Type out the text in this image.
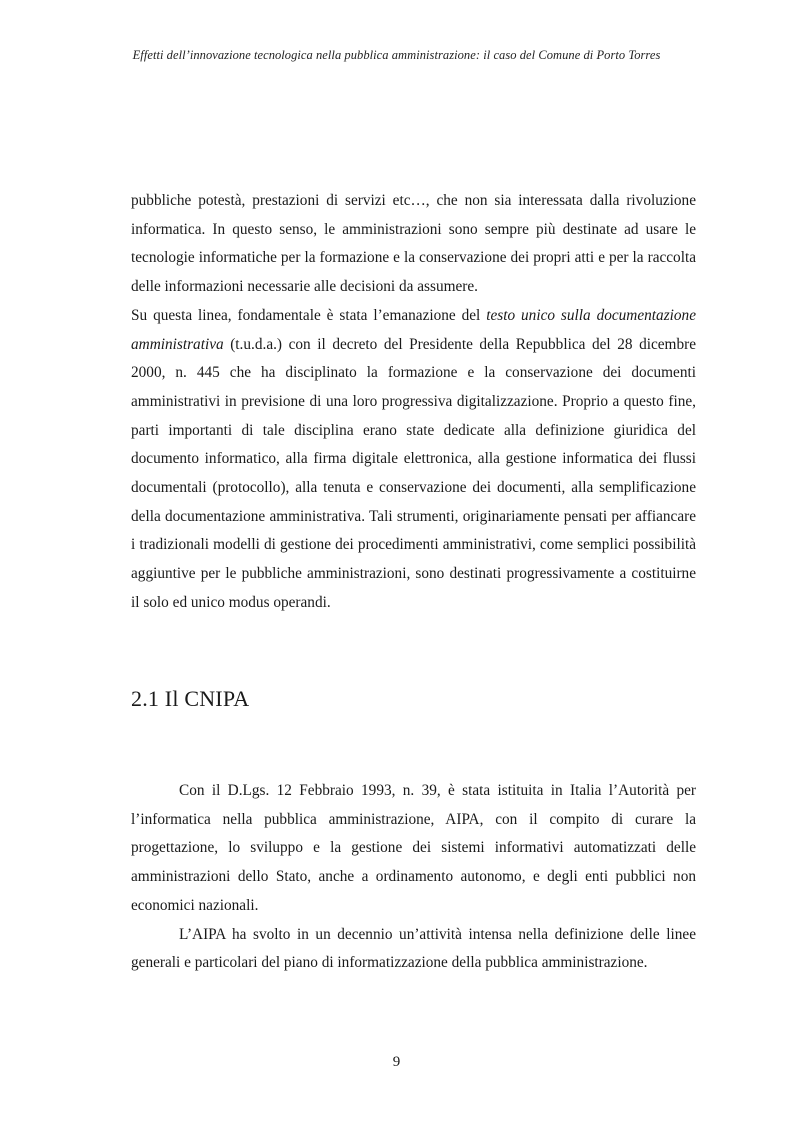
Effetti dell’innovazione tecnologica nella pubblica amministrazione: il caso del Comune di Porto Torres

pubbliche potestà, prestazioni di servizi etc…, che non sia interessata dalla rivoluzione informatica. In questo senso, le amministrazioni sono sempre più destinate ad usare le tecnologie informatiche per la formazione e la conservazione dei propri atti e per la raccolta delle informazioni necessarie alle decisioni da assumere.

Su questa linea, fondamentale è stata l’emanazione del testo unico sulla documentazione amministrativa (t.u.d.a.) con il decreto del Presidente della Repubblica del 28 dicembre 2000, n. 445 che ha disciplinato la formazione e la conservazione dei documenti amministrativi in previsione di una loro progressiva digitalizzazione. Proprio a questo fine, parti importanti di tale disciplina erano state dedicate alla definizione giuridica del documento informatico, alla firma digitale elettronica, alla gestione informatica dei flussi documentali (protocollo), alla tenuta e conservazione dei documenti, alla semplificazione della documentazione amministrativa. Tali strumenti, originariamente pensati per affiancare i tradizionali modelli di gestione dei procedimenti amministrativi, come semplici possibilità aggiuntive per le pubbliche amministrazioni, sono destinati progressivamente a costituirne il solo ed unico modus operandi.

2.1 Il CNIPA

Con il D.Lgs. 12 Febbraio 1993, n. 39, è stata istituita in Italia l’Autorità per l’informatica nella pubblica amministrazione, AIPA, con il compito di curare la progettazione, lo sviluppo e la gestione dei sistemi informativi automatizzati delle amministrazioni dello Stato, anche a ordinamento autonomo, e degli enti pubblici non economici nazionali.

L’AIPA ha svolto in un decennio un’attività intensa nella definizione delle linee generali e particolari del piano di informatizzazione della pubblica amministrazione.

9
